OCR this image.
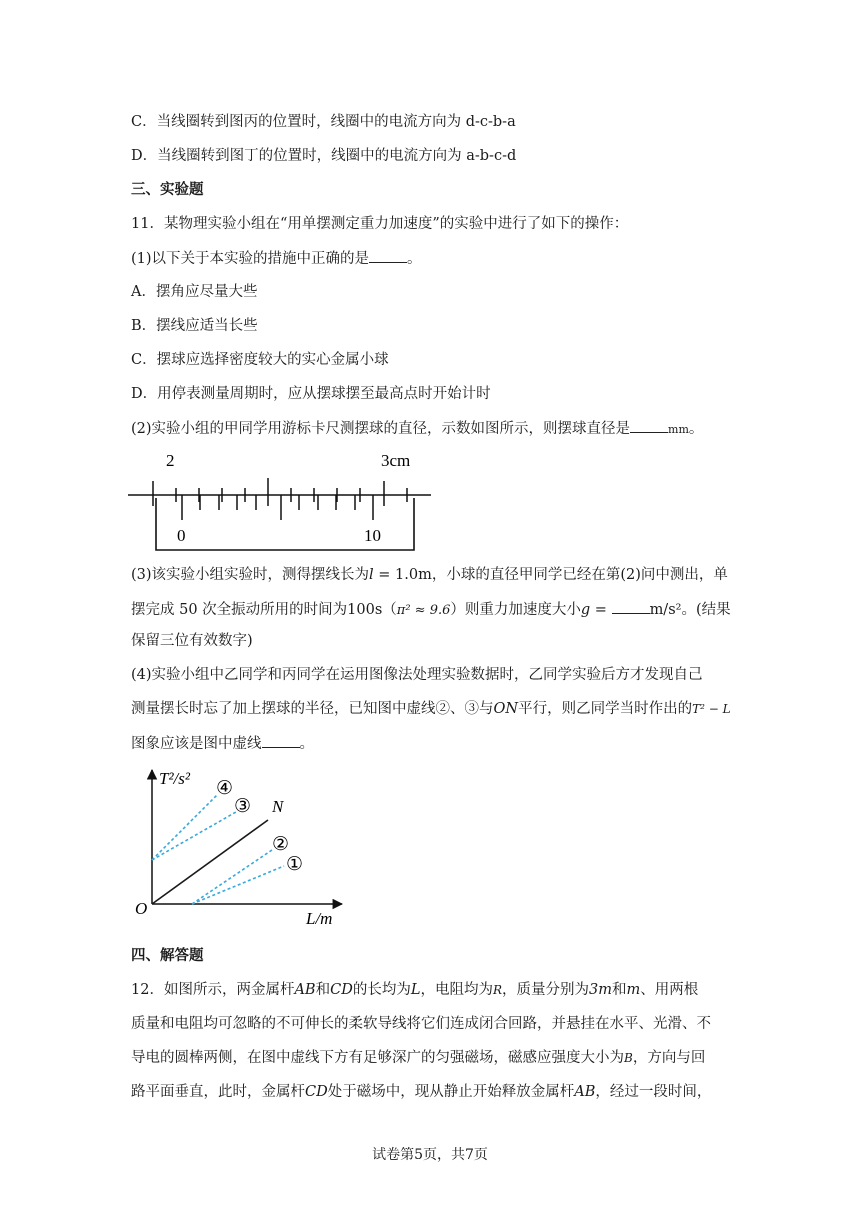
C．当线圈转到图丙的位置时，线圈中的电流方向为 d-c-b-a
D．当线圈转到图丁的位置时，线圈中的电流方向为 a-b-c-d
三、实验题
11．某物理实验小组在“用单摆测定重力加速度”的实验中进行了如下的操作：
(1)以下关于本实验的措施中正确的是	。
A．摆角应尽量大些
B．摆线应适当长些
C．摆球应选择密度较大的实心金属小球
D．用停表测量周期时，应从摆球摆至最高点时开始计时
(2)实验小组的甲同学用游标卡尺测摆球的直径，示数如图所示，则摆球直径是	mm。
2	3cm
0	10
(3)该实验小组实验时，测得摆线长为l = 1.0m，小球的直径甲同学已经在第(2)问中测出，单
摆完成 50 次全振动所用的时间为100s（π² ≈ 9.6）则重力加速度大小g =	m/s²。(结果
保留三位有效数字)
(4)实验小组中乙同学和丙同学在运用图像法处理实验数据时，乙同学实验后方才发现自己
测量摆长时忘了加上摆球的半径，已知图中虚线②、③与ON平行，则乙同学当时作出的T² − L
图象应该是图中虚线	。
T²/s²
L/m
O
N
①
②
③
④
四、解答题
12．如图所示，两金属杆AB和CD的长均为L，电阻均为R，质量分别为3m和m、用两根
质量和电阻均可忽略的不可伸长的柔软导线将它们连成闭合回路，并悬挂在水平、光滑、不
导电的圆棒两侧，在图中虚线下方有足够深广的匀强磁场，磁感应强度大小为B，方向与回
路平面垂直，此时，金属杆CD处于磁场中，现从静止开始释放金属杆AB，经过一段时间，
试卷第5页，共7页
